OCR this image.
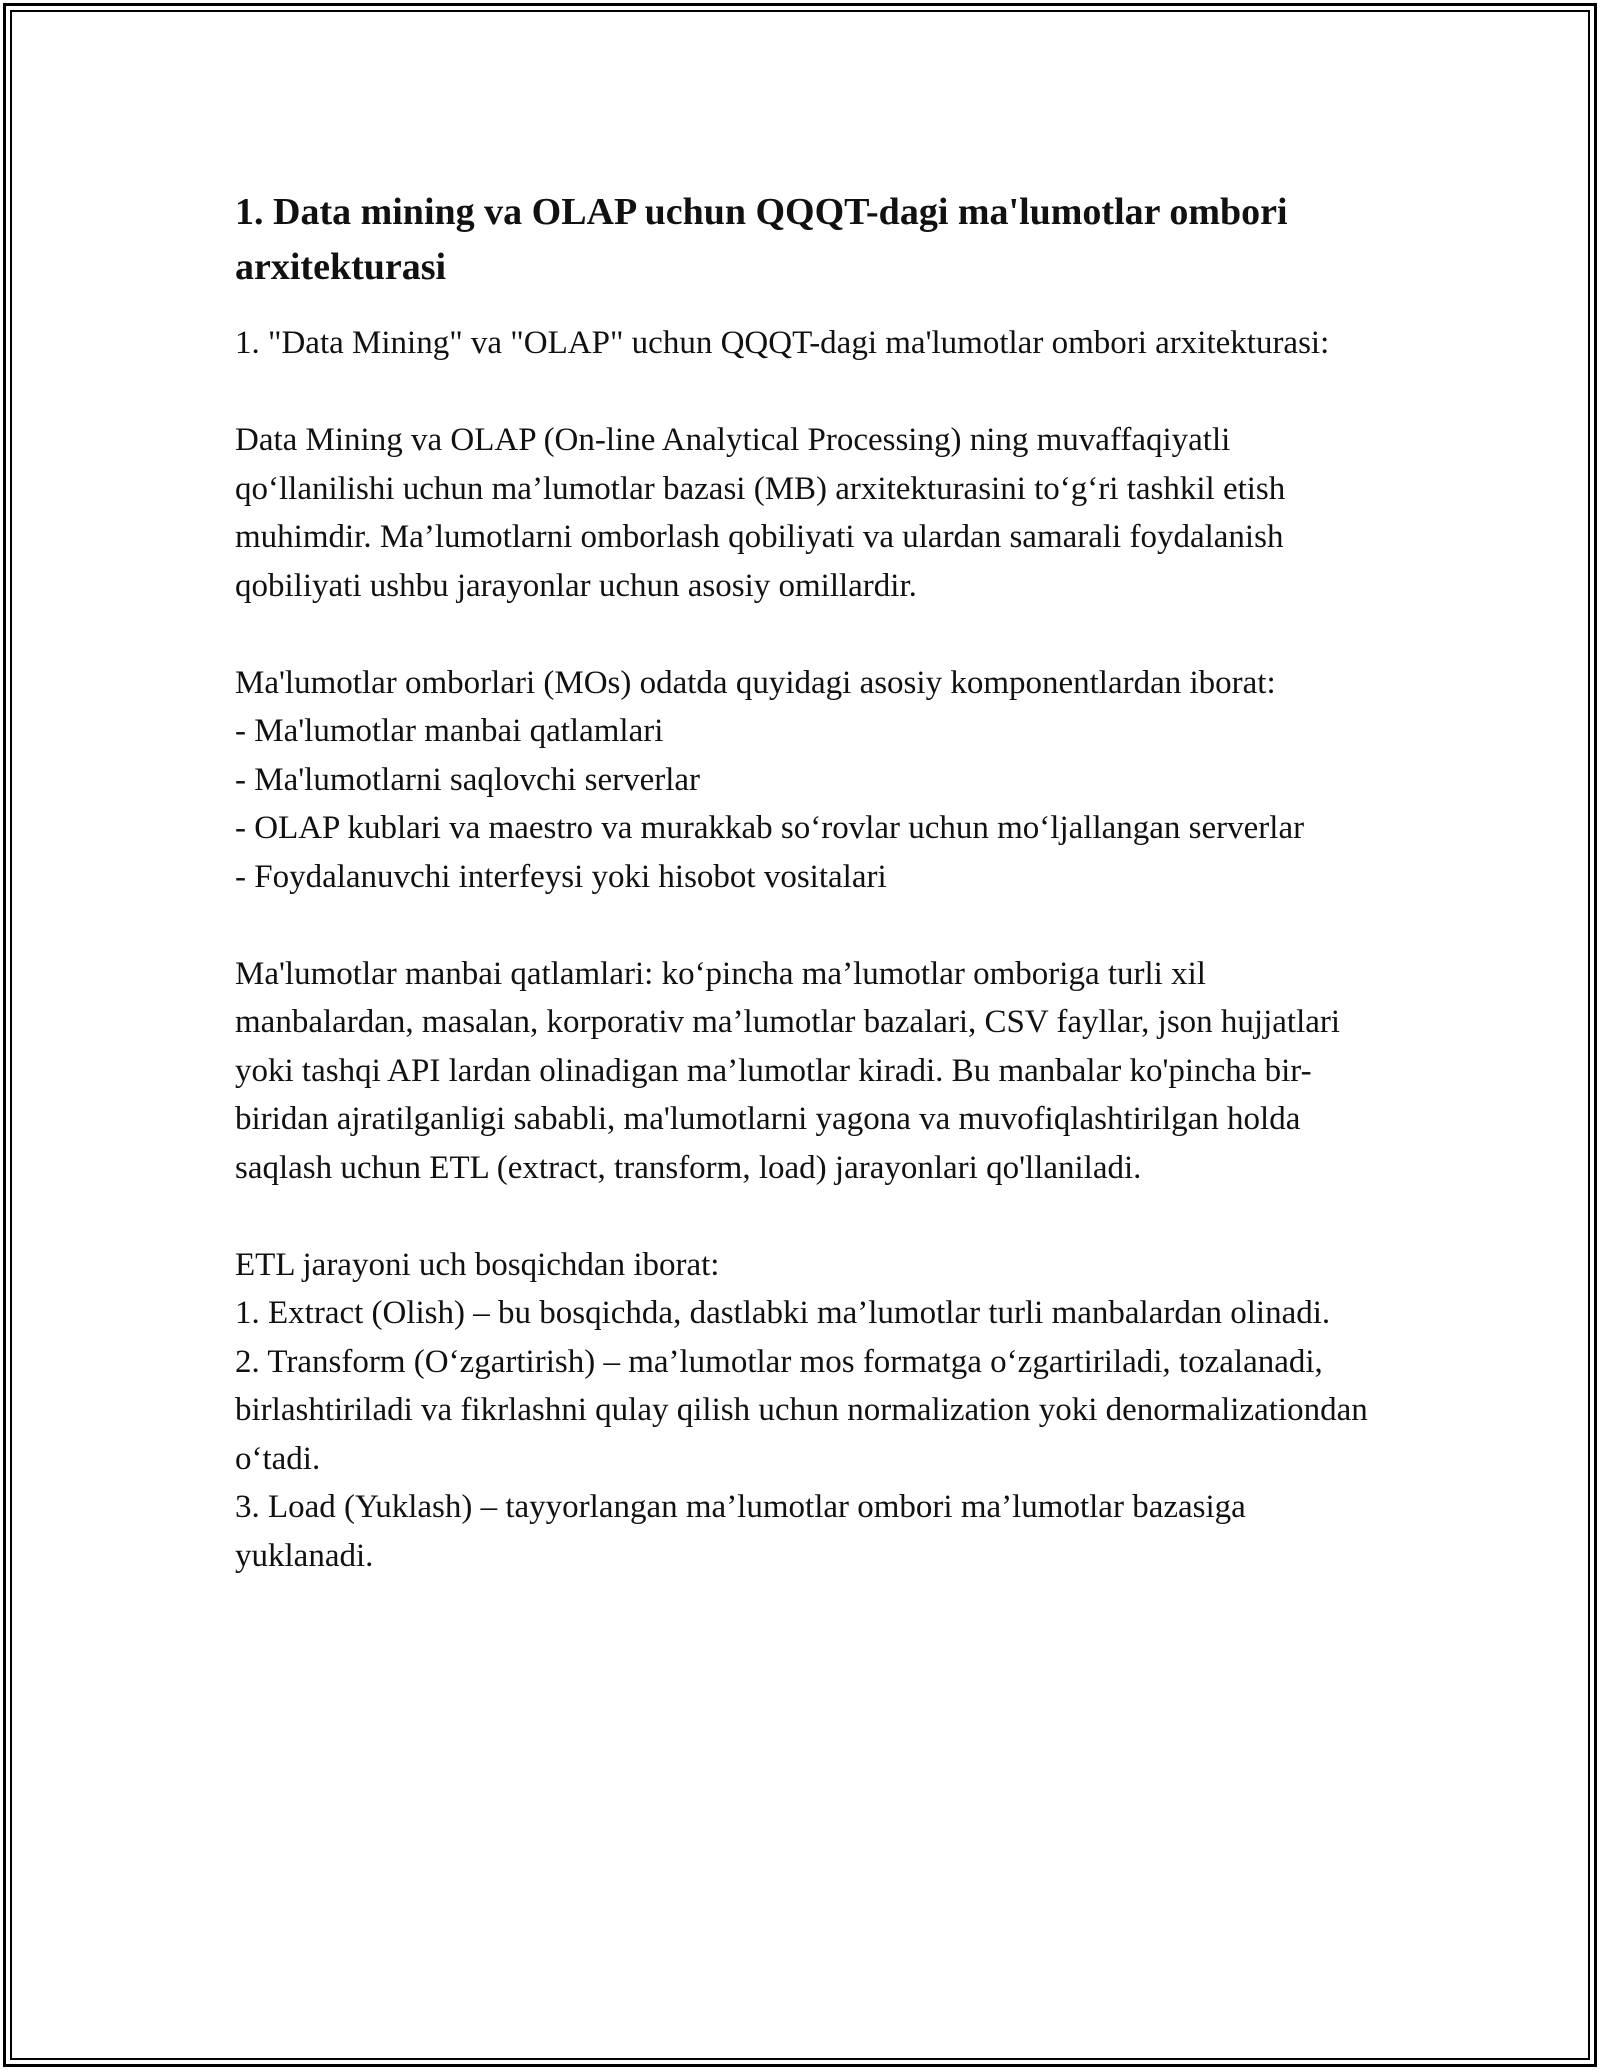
1. Data mining va OLAP uchun QQQT-dagi ma'lumotlar ombori arxitekturasi

1. "Data Mining" va "OLAP" uchun QQQT-dagi ma'lumotlar ombori arxitekturasi:

Data Mining va OLAP (On-line Analytical Processing) ning muvaffaqiyatli qo‘llanilishi uchun ma’lumotlar bazasi (MB) arxitekturasini to‘g‘ri tashkil etish muhimdir. Ma’lumotlarni omborlash qobiliyati va ulardan samarali foydalanish qobiliyati ushbu jarayonlar uchun asosiy omillardir.

Ma'lumotlar omborlari (MOs) odatda quyidagi asosiy komponentlardan iborat:

- Ma'lumotlar manbai qatlamlari
- Ma'lumotlarni saqlovchi serverlar
- OLAP kublari va maestro va murakkab so‘rovlar uchun mo‘ljallangan serverlar
- Foydalanuvchi interfeysi yoki hisobot vositalari

Ma'lumotlar manbai qatlamlari: ko‘pincha ma’lumotlar omboriga turli xil manbalardan, masalan, korporativ ma’lumotlar bazalari, CSV fayllar, json hujjatlari yoki tashqi API lardan olinadigan ma’lumotlar kiradi. Bu manbalar ko'pincha bir-biridan ajratilganligi sababli, ma'lumotlarni yagona va muvofiqlashtirilgan holda saqlash uchun ETL (extract, transform, load) jarayonlari qo'llaniladi.

ETL jarayoni uch bosqichdan iborat:

1. Extract (Olish) – bu bosqichda, dastlabki ma’lumotlar turli manbalardan olinadi.
2. Transform (O‘zgartirish) – ma’lumotlar mos formatga o‘zgartiriladi, tozalanadi, birlashtiriladi va fikrlashni qulay qilish uchun normalization yoki denormalizationdan o‘tadi.
3. Load (Yuklash) – tayyorlangan ma’lumotlar ombori ma’lumotlar bazasiga yuklanadi.
